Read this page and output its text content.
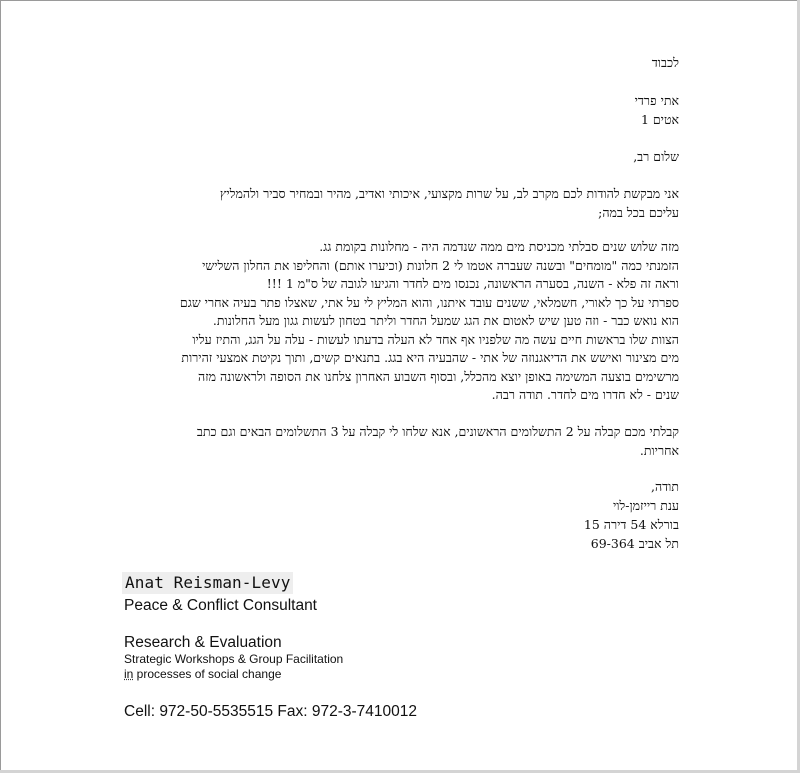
לכבוד
אתי פרדי
אטים 1
שלום רב,
אני מבקשת להודות לכם מקרב לב, על שרות מקצועי, איכותי ואדיב, מהיר ובמחיר סביר ולהמליץ
עליכם בכל במה;
מזה שלוש שנים סבלתי מכניסת מים ממה שנדמה היה - מחלונות בקומת גג.
הזמנתי כמה "מומחים" ובשנה שעברה אטמו לי 2 חלונות (וכיערו אותם) והחליפו את החלון השלישי
וראה זה פלא - השנה, בסערה הראשונה, נכנסו מים לחדר והגיעו לגובה של ס"מ 1 !!!
ספרתי על כך לאורי, חשמלאי, ששנים עובד איתנו, והוא המליץ לי על אתי, שאצלו פתר בעיה אחרי שגם
הוא נואש כבר - וזה טען שיש לאטום את הגג שמעל החדר וליתר בטחון לעשות גגון מעל החלונות.
הצוות שלו בראשות חיים עשה מה שלפניו אף אחד לא העלה בדעתו לעשות - עלה על הגג, והתיז עליו
מים מצינור ואישש את הדיאגנוזה של אתי - שהבעיה היא בגג. בתנאים קשים, ותוך נקיטת אמצעי זהירות
מרשימים בוצעה המשימה באופן יוצא מהכלל, ובסוף השבוע האחרון צלחנו את הסופה ולראשונה מזה
שנים - לא חדרו מים לחדר. תודה רבה.
קבלתי מכם קבלה על 2 התשלומים הראשונים, אנא שלחו לי קבלה על 3 התשלומים הבאים וגם כתב
אחריות.
תודה,
ענת רייזמן-לוי
בורלא 54 דירה 15
תל אביב 69-364
Anat Reisman-Levy
Peace & Conflict Consultant
Research & Evaluation
Strategic Workshops & Group Facilitation
in processes of social change
Cell: 972-50-5535515 Fax: 972-3-7410012
